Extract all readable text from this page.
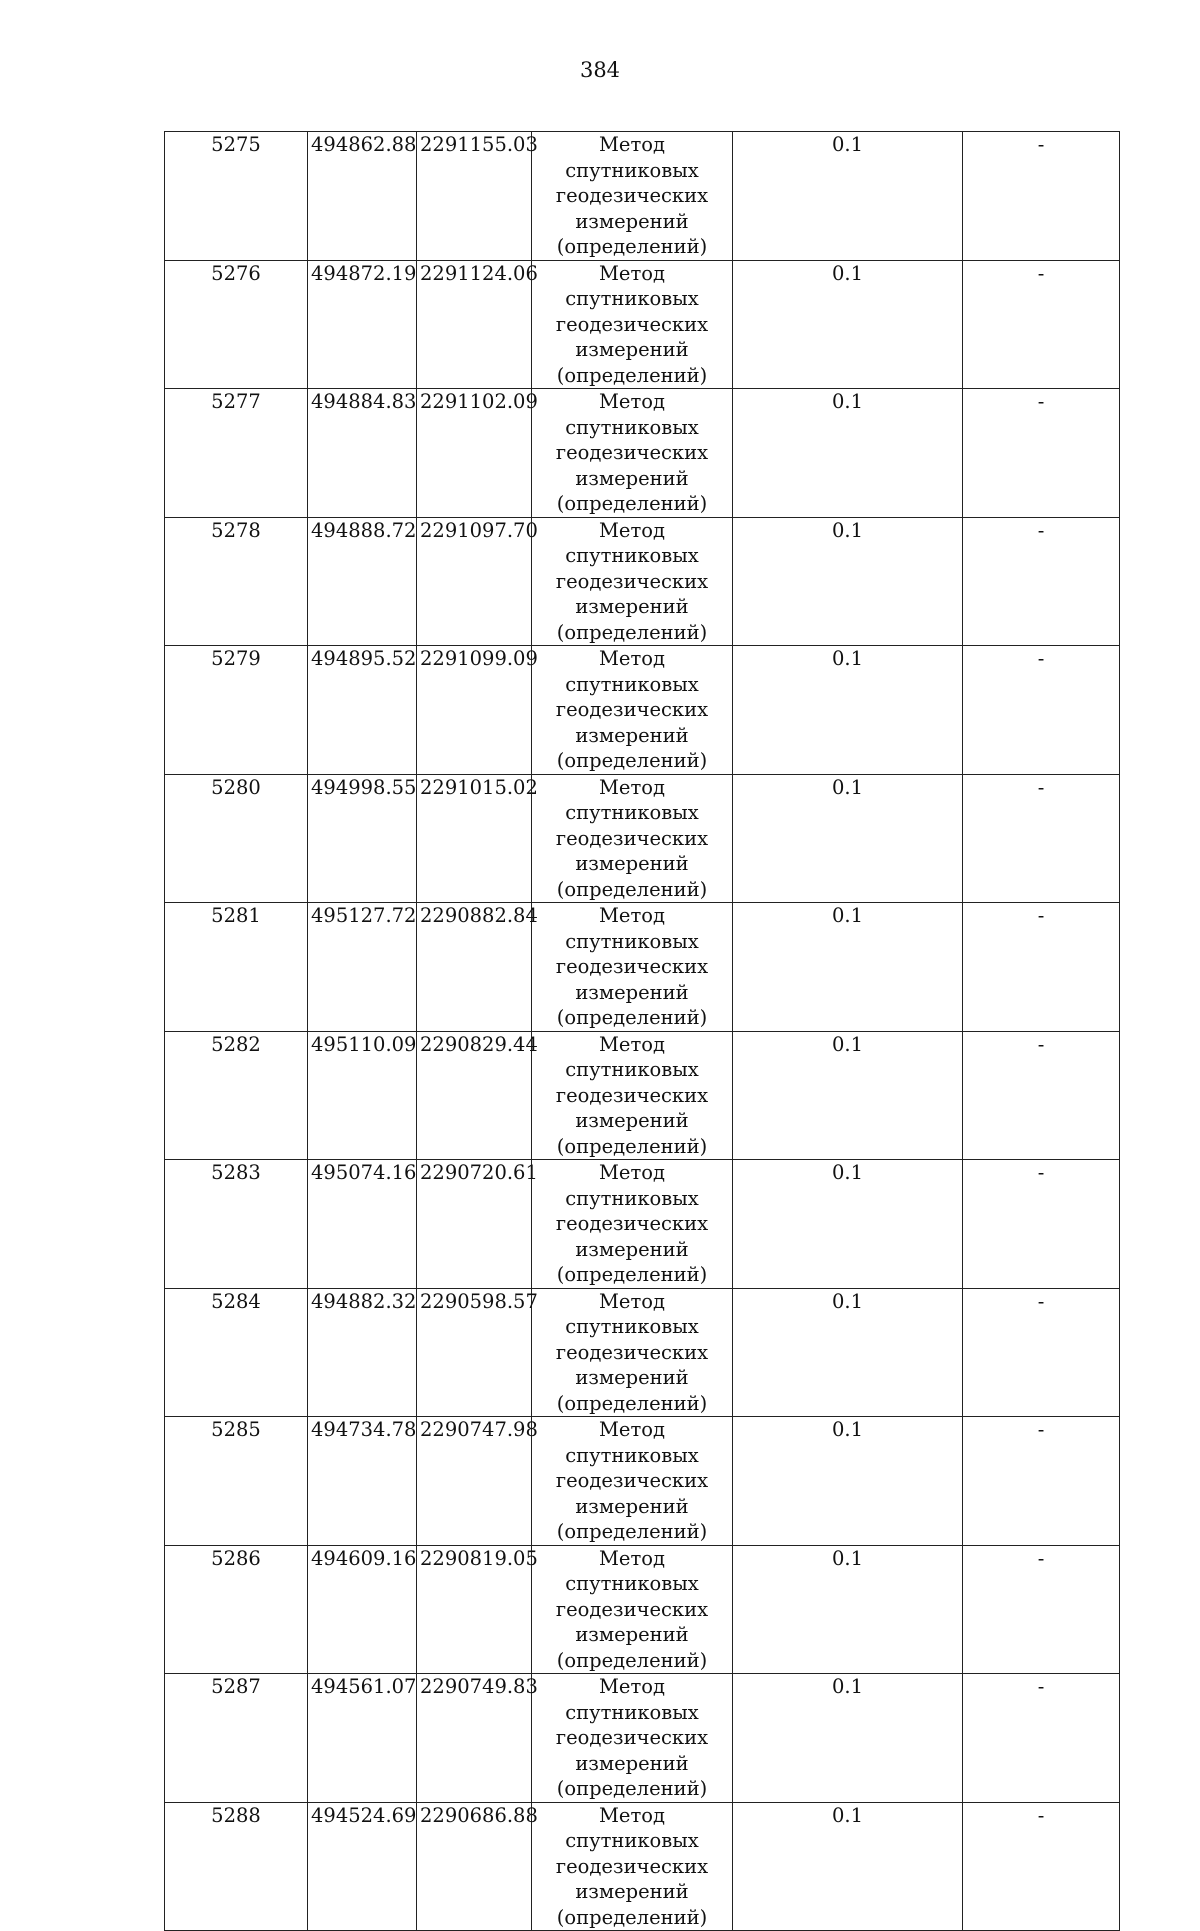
384
5275	494862.88	2291155.03	Метод спутниковых геодезических измерений (определений)	0.1	-
5276	494872.19	2291124.06	Метод спутниковых геодезических измерений (определений)	0.1	-
5277	494884.83	2291102.09	Метод спутниковых геодезических измерений (определений)	0.1	-
5278	494888.72	2291097.70	Метод спутниковых геодезических измерений (определений)	0.1	-
5279	494895.52	2291099.09	Метод спутниковых геодезических измерений (определений)	0.1	-
5280	494998.55	2291015.02	Метод спутниковых геодезических измерений (определений)	0.1	-
5281	495127.72	2290882.84	Метод спутниковых геодезических измерений (определений)	0.1	-
5282	495110.09	2290829.44	Метод спутниковых геодезических измерений (определений)	0.1	-
5283	495074.16	2290720.61	Метод спутниковых геодезических измерений (определений)	0.1	-
5284	494882.32	2290598.57	Метод спутниковых геодезических измерений (определений)	0.1	-
5285	494734.78	2290747.98	Метод спутниковых геодезических измерений (определений)	0.1	-
5286	494609.16	2290819.05	Метод спутниковых геодезических измерений (определений)	0.1	-
5287	494561.07	2290749.83	Метод спутниковых геодезических измерений (определений)	0.1	-
5288	494524.69	2290686.88	Метод спутниковых геодезических измерений (определений)	0.1	-
